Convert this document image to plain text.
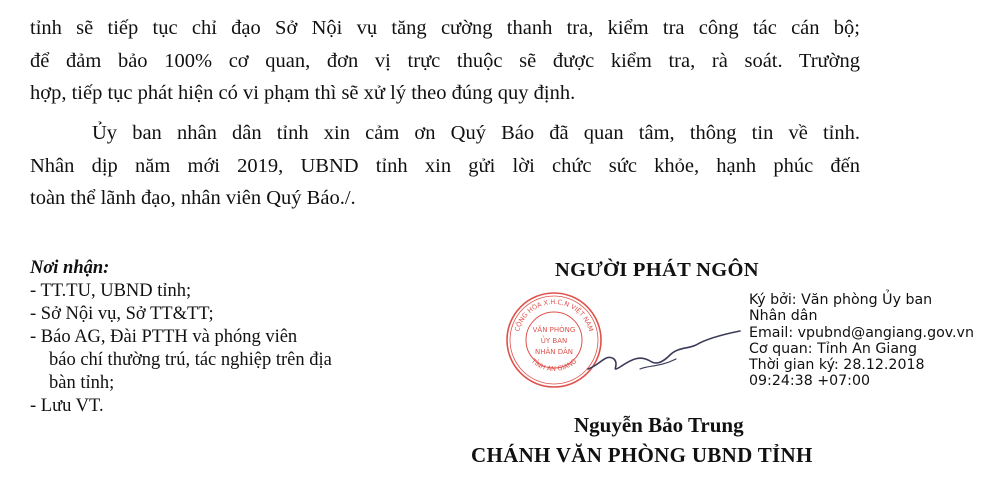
tỉnh sẽ tiếp tục chỉ đạo Sở Nội vụ tăng cường thanh tra, kiểm tra công tác cán bộ;
để đảm bảo 100% cơ quan, đơn vị trực thuộc sẽ được kiểm tra, rà soát. Trường
hợp, tiếp tục phát hiện có vi phạm thì sẽ xử lý theo đúng quy định.
Ủy ban nhân dân tỉnh xin cảm ơn Quý Báo đã quan tâm, thông tin về tỉnh.
Nhân dịp năm mới 2019, UBND tỉnh xin gửi lời chức sức khỏe, hạnh phúc đến
toàn thể lãnh đạo, nhân viên Quý Báo./.
Nơi nhận:
- TT.TU, UBND tỉnh;
- Sở Nội vụ, Sở TT&TT;
- Báo AG, Đài PTTH và phóng viên
báo chí thường trú, tác nghiệp trên địa
bàn tỉnh;
- Lưu VT.
NGƯỜI PHÁT NGÔN
CỘNG HÒA X.H.C.N VIỆT NAM
TỈNH AN GIANG
VĂN PHÒNG
ỦY BAN
NHÂN DÂN
Ký bởi: Văn phòng Ủy ban
Nhân dân
Email: vpubnd@angiang.gov.vn
Cơ quan: Tỉnh An Giang
Thời gian ký: 28.12.2018
09:24:38 +07:00
Nguyễn Bảo Trung
CHÁNH VĂN PHÒNG UBND TỈNH
